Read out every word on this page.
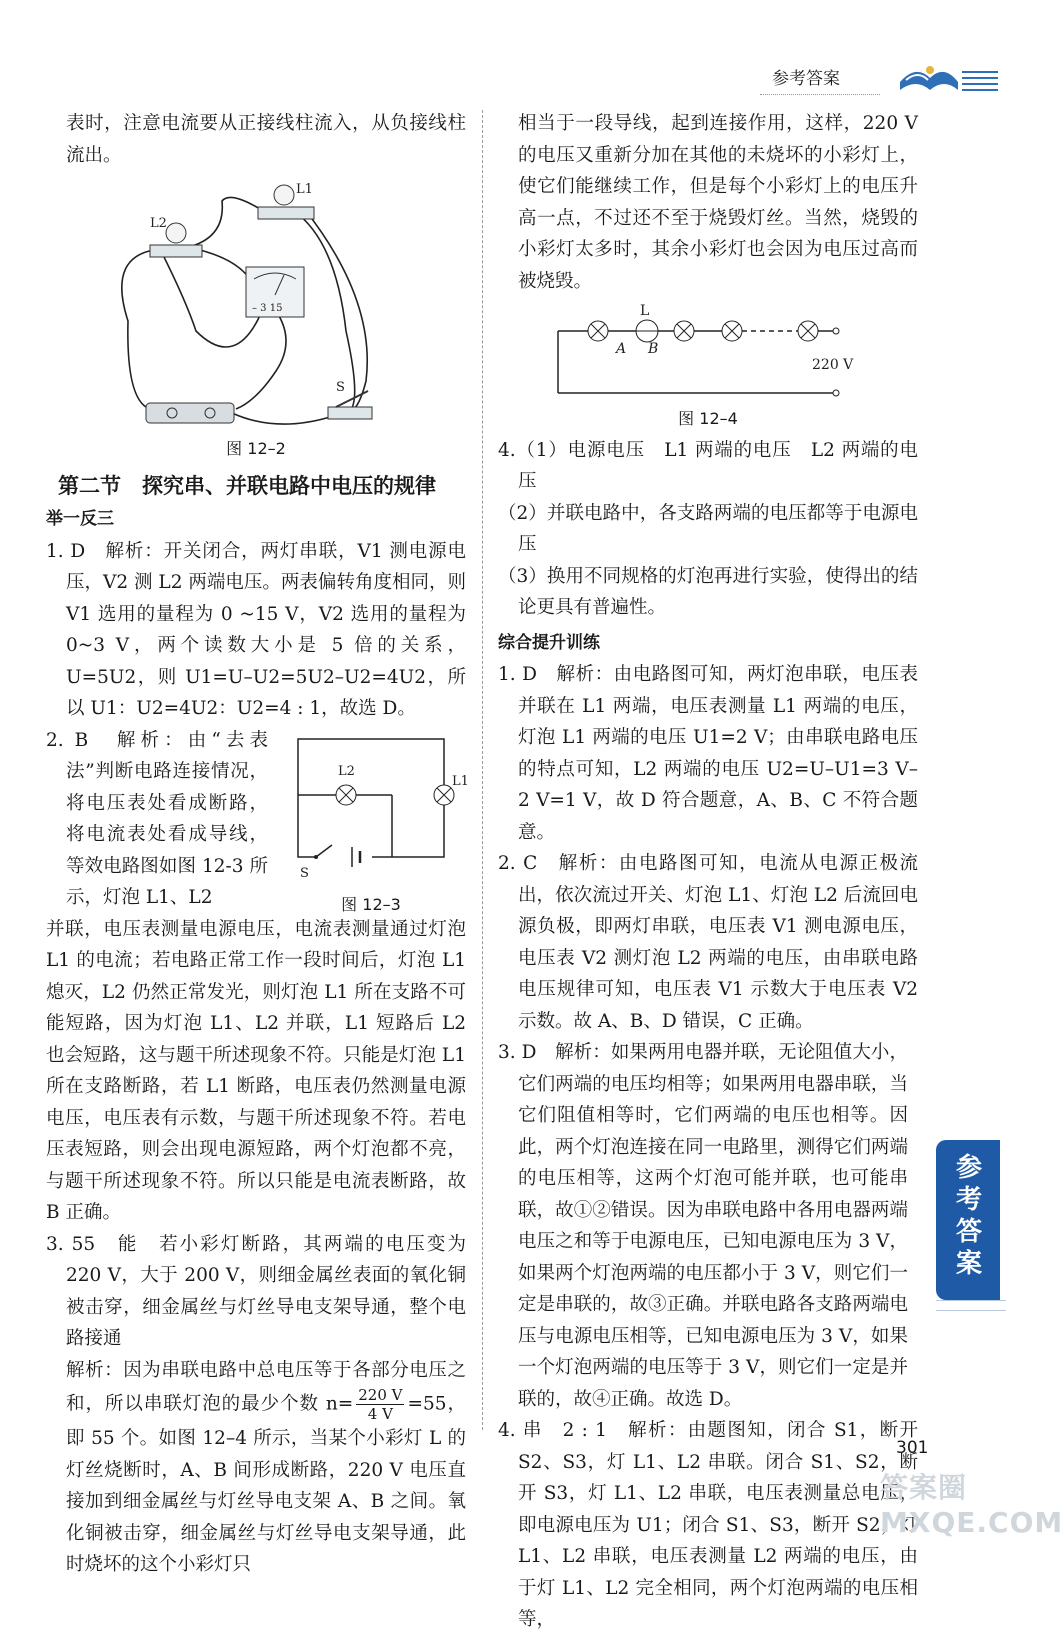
参考答案

表时，注意电流要从正接线柱流入，从负接线柱流出。

– 3 15
L1
L2
S
图 12–2
第二节　探究串、并联电路中电压的规律
举一反三

1. D　解析：开关闭合，两灯串联，V1 测电源电压，V2 测 L2 两端电压。两表偏转角度相同，则 V1 选用的量程为 0 ~15 V，V2 选用的量程为 0~3 V，两个读数大小是 5 倍的关系，U=5U2，则 U1=U–U2=5U2–U2=4U2，所以 U1：U2=4U2：U2=4 : 1，故选 D。

L2
L1
S
图 12–3

2. B　解析：由“去表法”判断电路连接情况，将电压表处看成断路，将电流表处看成导线，等效电路图如图 12-3 所示，灯泡 L1、L2

并联，电压表测量电源电压，电流表测量通过灯泡 L1 的电流；若电路正常工作一段时间后，灯泡 L1 熄灭，L2 仍然正常发光，则灯泡 L1 所在支路不可能短路，因为灯泡 L1、L2 并联，L1 短路后 L2 也会短路，这与题干所述现象不符。只能是灯泡 L1 所在支路断路，若 L1 断路，电压表仍然测量电源电压，电压表有示数，与题干所述现象不符。若电压表短路，则会出现电源短路，两个灯泡都不亮，与题干所述现象不符。所以只能是电流表断路，故 B 正确。

3. 55　能　若小彩灯断路，其两端的电压变为 220 V，大于 200 V，则细金属丝表面的氧化铜被击穿，细金属丝与灯丝导电支架导通，整个电路接通

解析：因为串联电路中总电压等于各部分电压之和，所以串联灯泡的最少个数 $n= \frac{220 V}{4 V} =55$，即 55 个。如图 12–4 所示，当某个小彩灯 L 的灯丝烧断时，A、B 间形成断路，220 V 电压直接加到细金属丝与灯丝导电支架 A、B 之间。氧化铜被击穿，细金属丝与灯丝导电支架导通，此时烧坏的这个小彩灯只

相当于一段导线，起到连接作用，这样，220 V 的电压又重新分加在其他的未烧坏的小彩灯上，使它们能继续工作，但是每个小彩灯上的电压升高一点，不过还不至于烧毁灯丝。当然，烧毁的小彩灯太多时，其余小彩灯也会因为电压过高而被烧毁。

L
A B
220 V
图 12–4

4.（1）电源电压　L1 两端的电压　L2 两端的电压

（2）并联电路中，各支路两端的电压都等于电源电压

（3）换用不同规格的灯泡再进行实验，使得出的结论更具有普遍性。

综合提升训练

1. D　解析：由电路图可知，两灯泡串联，电压表并联在 L1 两端，电压表测量 L1 两端的电压，灯泡 L1 两端的电压 U1=2 V；由串联电路电压的特点可知，L2 两端的电压 U2=U–U1=3 V–2 V=1 V，故 D 符合题意，A、B、C 不符合题意。

2. C　解析：由电路图可知，电流从电源正极流出，依次流过开关、灯泡 L1、灯泡 L2 后流回电源负极，即两灯串联，电压表 V1 测电源电压，电压表 V2 测灯泡 L2 两端的电压，由串联电路电压规律可知，电压表 V1 示数大于电压表 V2 示数。故 A、B、D 错误，C 正确。

3. D　解析：如果两用电器并联，无论阻值大小，它们两端的电压均相等；如果两用电器串联，当它们阻值相等时，它们两端的电压也相等。因此，两个灯泡连接在同一电路里，测得它们两端的电压相等，这两个灯泡可能并联，也可能串联，故①②错误。因为串联电路中各用电器两端电压之和等于电源电压，已知电源电压为 3 V，如果两个灯泡两端的电压都小于 3 V，则它们一定是串联的，故③正确。并联电路各支路两端电压与电源电压相等，已知电源电压为 3 V，如果一个灯泡两端的电压等于 3 V，则它们一定是并联的，故④正确。故选 D。

4. 串　2 : 1　解析：由题图知，闭合 S1，断开 S2、S3，灯 L1、L2 串联。闭合 S1、S2，断开 S3，灯 L1、L2 串联，电压表测量总电压，即电源电压为 U1；闭合 S1、S3，断开 S2，灯 L1、L2 串联，电压表测量 L2 两端的电压，由于灯 L1、L2 完全相同，两个灯泡两端的电压相等，

参考答案
301
答案圈 MXQE.COM
